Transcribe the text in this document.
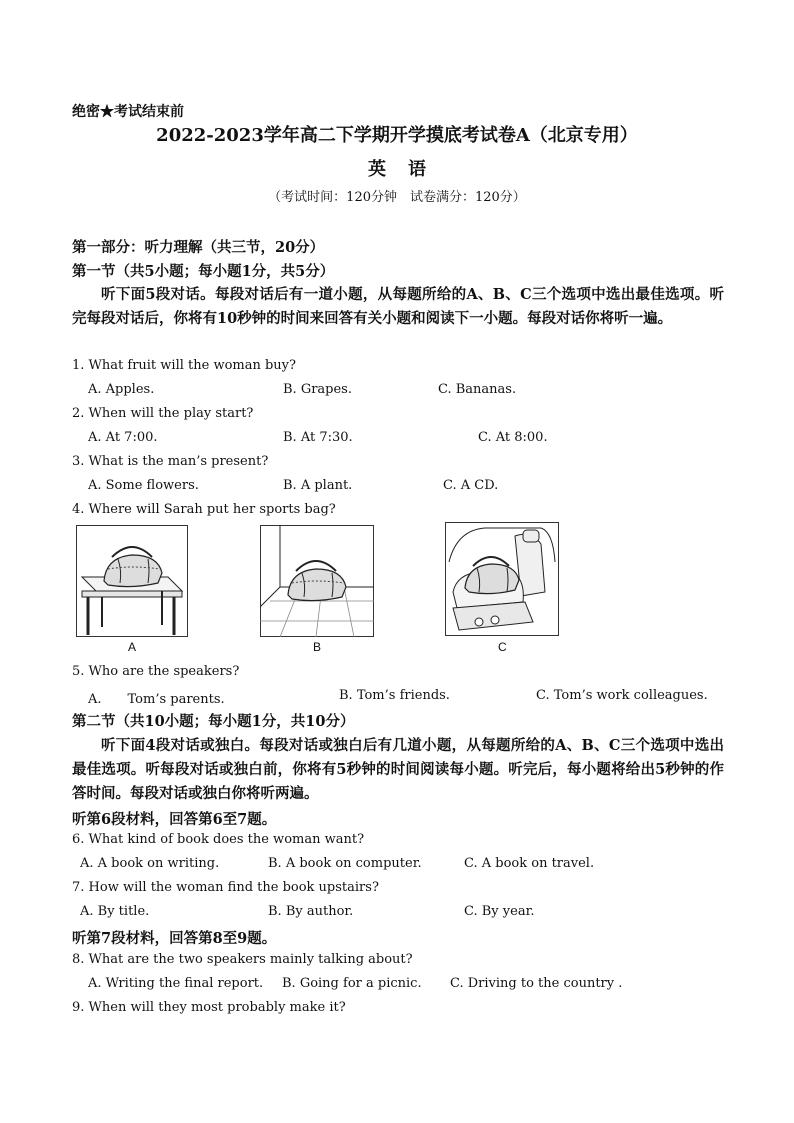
绝密★考试结束前
2022-2023学年高二下学期开学摸底考试卷A（北京专用）
英语
（考试时间：120分钟　试卷满分：120分）
第一部分：听力理解（共三节，20分）
第一节（共5小题；每小题1分，共5分）
听下面5段对话。每段对话后有一道小题，从每题所给的A、B、C三个选项中选出最佳选项。听完每段对话后，你将有10秒钟的时间来回答有关小题和阅读下一小题。每段对话你将听一遍。
1. What fruit will the woman buy?
A. Apples.	B. Grapes.	C. Bananas.
2. When will the play start?
A. At 7:00.	B. At 7:30.	C. At 8:00.
3. What is the man’s present?
A. Some flowers.	B. A plant.	C. A CD.
4. Where will Sarah put her sports bag?
A	B	C
5. Who are the speakers?
A.　　Tom’s parents.	B. Tom’s friends.	C. Tom’s work colleagues.
第二节（共10小题；每小题1分，共10分）
听下面4段对话或独白。每段对话或独白后有几道小题，从每题所给的A、B、C三个选项中选出最佳选项。听每段对话或独白前，你将有5秒钟的时间阅读每小题。听完后，每小题将给出5秒钟的作答时间。每段对话或独白你将听两遍。
听第6段材料，回答第6至7题。
6. What kind of book does the woman want?
A. A book on writing.	B. A book on computer.	C. A book on travel.
7. How will the woman find the book upstairs?
A. By title.	B. By author.	C. By year.
听第7段材料，回答第8至9题。
8. What are the two speakers mainly talking about?
A. Writing the final report. B. Going for a picnic. C. Driving to the country .
9. When will they most probably make it?
